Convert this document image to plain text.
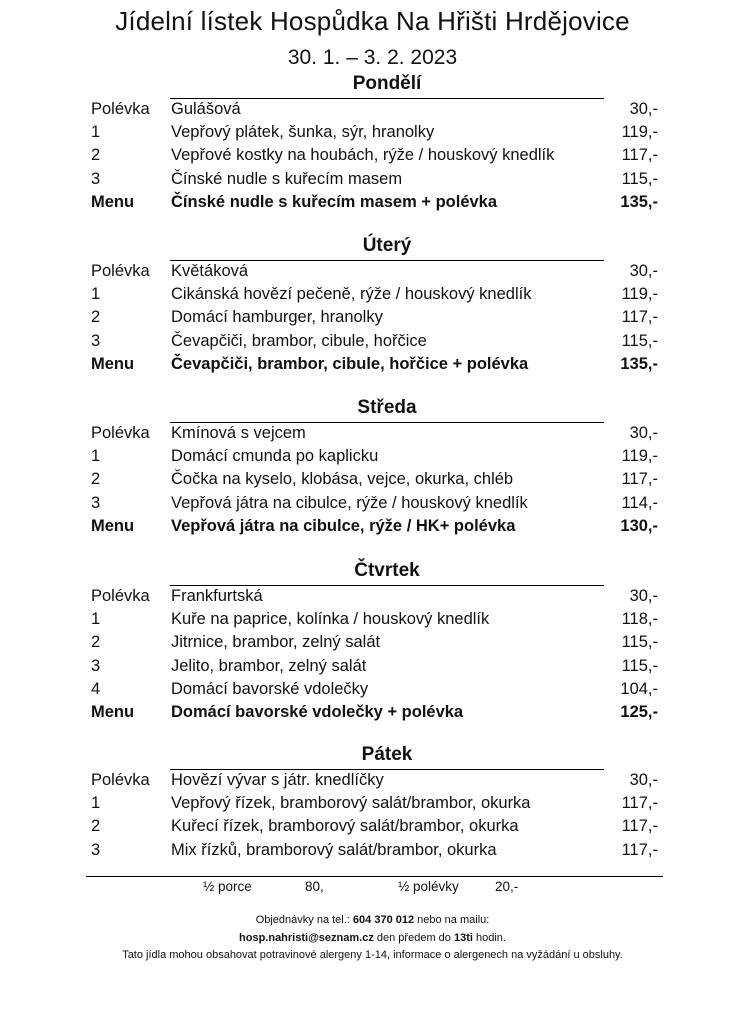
Jídelní lístek Hospůdka Na Hřišti Hrdějovice
30. 1. – 3. 2. 2023
Pondělí
Polévka Gulášová	30,-
1	Vepřový plátek, šunka, sýr, hranolky	119,-
2	Vepřové kostky na houbách, rýže / houskový knedlík	117,-
3	Čínské nudle s kuřecím masem	115,-
Menu Čínské nudle s kuřecím masem + polévka	135,-
Úterý
Polévka Květáková	30,-
1	Cikánská hovězí pečeně, rýže / houskový knedlík	119,-
2	Domácí hamburger, hranolky	117,-
3	Čevapčiči, brambor, cibule, hořčice	115,-
Menu Čevapčiči, brambor, cibule, hořčice + polévka	135,-
Středa
Polévka Kmínová s vejcem	30,-
1	Domácí cmunda po kaplicku	119,-
2	Čočka na kyselo, klobása, vejce, okurka, chléb	117,-
3	Vepřová játra na cibulce, rýže / houskový knedlík	114,-
Menu Vepřová játra na cibulce, rýže / HK+ polévka	130,-
Čtvrtek
Polévka Frankfurtská	30,-
1	Kuře na paprice, kolínka / houskový knedlík	118,-
2	Jitrnice, brambor, zelný salát	115,-
3	Jelito, brambor, zelný salát	115,-
4	Domácí bavorské vdolečky	104,-
Menu Domácí bavorské vdolečky + polévka	125,-
Pátek
Polévka Hovězí vývar s játr. knedlíčky	30,-
1	Vepřový řízek, bramborový salát/brambor, okurka	117,-
2	Kuřecí řízek, bramborový salát/brambor, okurka	117,-
3	Mix řízků, bramborový salát/brambor, okurka	117,-
½ porce	80,	½ polévky	20,-
Objednávky na tel.: 604 370 012 nebo na mailu:
hosp.nahristi@seznam.cz den předem do 13ti hodin.
Tato jídla mohou obsahovat potravinové alergeny 1-14, informace o alergenech na vyžádání u obsluhy.
